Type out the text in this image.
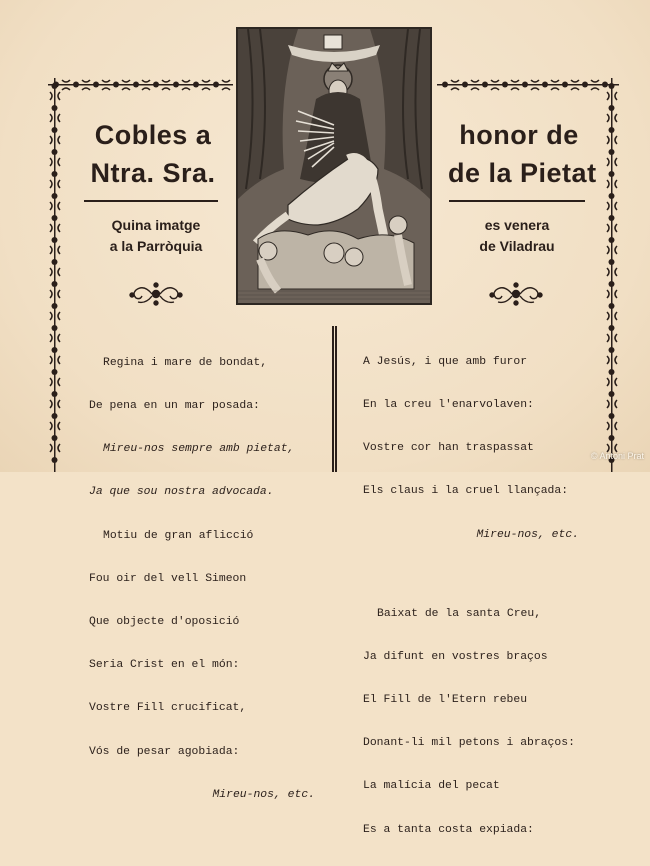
Cobles a
Ntra. Sra.
honor de
de la Pietat
Quina imatge
a la Parròquia
es venera
de Viladrau

Regina i mare de bondat,

De pena en un mar posada:

Mireu-nos sempre amb pietat,

Ja que sou nostra advocada.

Motiu de gran aflicció

Fou oir del vell Simeon

Que objecte d'oposició

Seria Crist en el món:

Vostre Fill crucificat,

Vós de pesar agobiada:

Mireu-nos, etc.

A Jesús, i que amb furor

En la creu l'enarvolaven:

Vostre cor han traspassat

Els claus i la cruel llançada:

Mireu-nos, etc.

Baixat de la santa Creu,

Ja difunt en vostres braços

El Fill de l'Etern rebeu

Donant-li mil petons i abraços:

La malícia del pecat

Es a tanta costa expiada:

© Antoni Prat
